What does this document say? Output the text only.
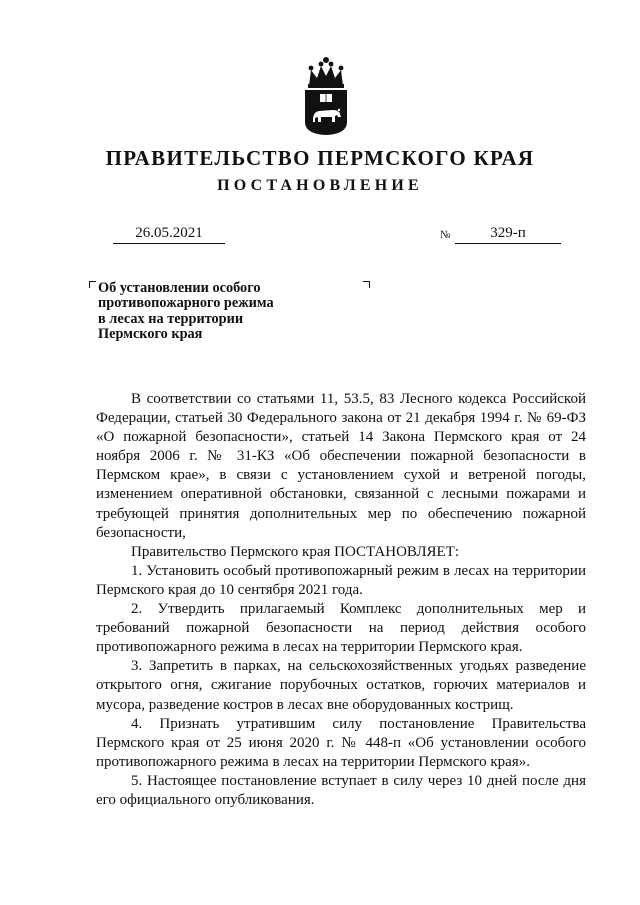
ПРАВИТЕЛЬСТВО ПЕРМСКОГО КРАЯ
ПОСТАНОВЛЕНИЕ
26.05.2021	№	329-п
Об установлении особого
противопожарного режима
в лесах на территории
Пермского края

В соответствии со статьями 11, 53.5, 83 Лесного кодекса Российской Федерации, статьей 30 Федерального закона от 21 декабря 1994 г. № 69-ФЗ «О пожарной безопасности», статьей 14 Закона Пермского края от 24 ноября 2006 г. № 31-КЗ «Об обеспечении пожарной безопасности в Пермском крае», в связи с установлением сухой и ветреной погоды, изменением оперативной обстановки, связанной с лесными пожарами и требующей принятия дополнительных мер по обеспечению пожарной безопасности,

Правительство Пермского края ПОСТАНОВЛЯЕТ:

1. Установить особый противопожарный режим в лесах на территории Пермского края до 10 сентября 2021 года.

2. Утвердить прилагаемый Комплекс дополнительных мер и требований пожарной безопасности на период действия особого противопожарного режима в лесах на территории Пермского края.

3. Запретить в парках, на сельскохозяйственных угодьях разведение открытого огня, сжигание порубочных остатков, горючих материалов и мусора, разведение костров в лесах вне оборудованных кострищ.

4. Признать утратившим силу постановление Правительства Пермского края от 25 июня 2020 г. № 448-п «Об установлении особого противопожарного режима в лесах на территории Пермского края».

5. Настоящее постановление вступает в силу через 10 дней после дня его официального опубликования.
